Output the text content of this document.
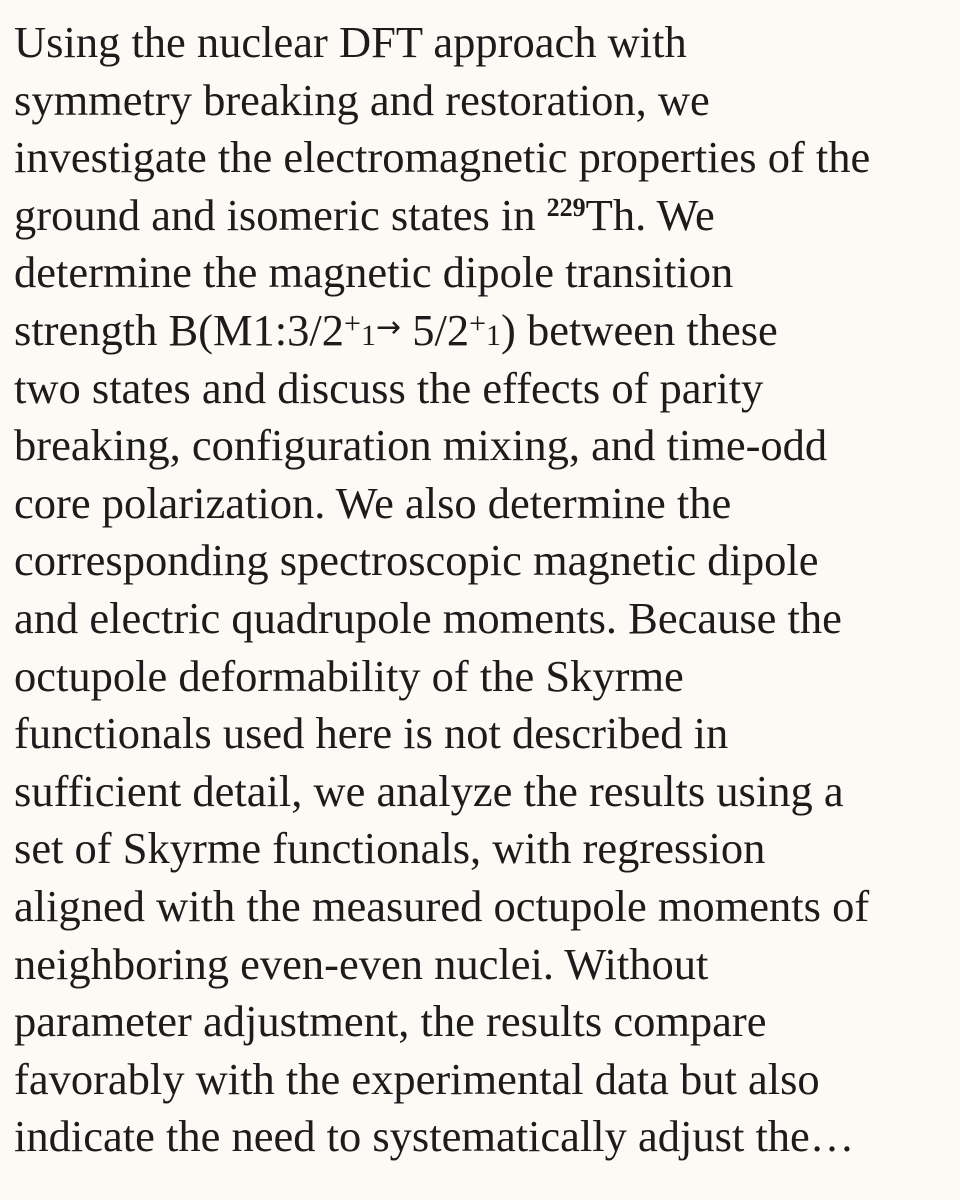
Using the nuclear DFT approach with
symmetry breaking and restoration, we
investigate the electromagnetic properties of the
ground and isomeric states in $^{229}$Th. We
determine the magnetic dipole transition
strength B(M1:3/2+1→ 5/2+1) between these
two states and discuss the effects of parity
breaking, configuration mixing, and time-odd
core polarization. We also determine the
corresponding spectroscopic magnetic dipole
and electric quadrupole moments. Because the
octupole deformability of the Skyrme
functionals used here is not described in
sufficient detail, we analyze the results using a
set of Skyrme functionals, with regression
aligned with the measured octupole moments of
neighboring even-even nuclei. Without
parameter adjustment, the results compare
favorably with the experimental data but also
indicate the need to systematically adjust the…
